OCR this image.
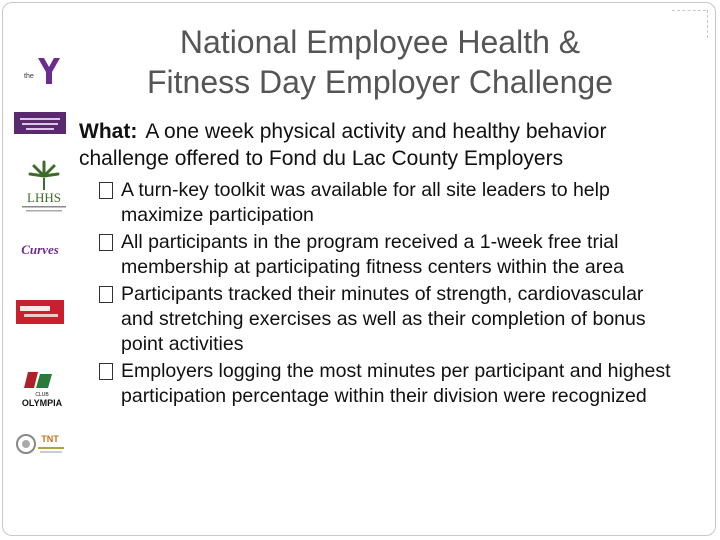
National Employee Health &
Fitness Day Employer Challenge
the
LHHS
Curves
CLUB
OLYMPIA
TNT

What: A one week physical activity and healthy behavior challenge offered to Fond du Lac County Employers

A turn-key toolkit was available for all site leaders to help maximize participation
All participants in the program received a 1-week free trial membership at participating fitness centers within the area
Participants tracked their minutes of strength, cardiovascular and stretching exercises as well as their completion of bonus point activities
Employers logging the most minutes per participant and highest participation percentage within their division were recognized
